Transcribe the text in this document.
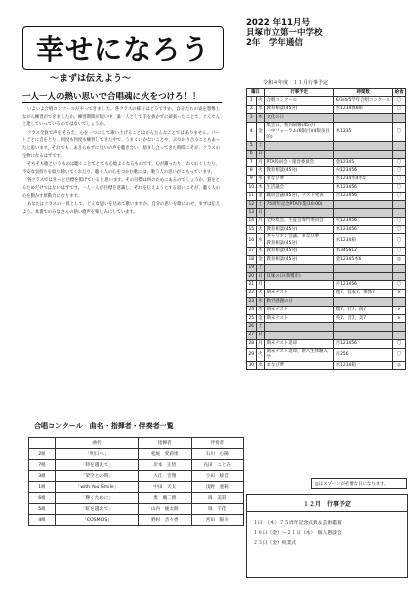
幸せになろう
〜まずは伝えよう〜
2022 年11月号
貝塚市立第一中学校
2年　学年通信
令和４年度　１１月行事予定
一人一人の熱い思いで合唱魂に火をつけろ！！

いよいよ合唱コンクールがやってきました。各クラスの様子はどうですか。自分たちの姿を想像しながら練習ができましたか。練習期間が短い中、誰一人として手を抜かずに頑張ったことで、ぐんぐん上達していっているのではないでしょうか。

クラス全員で声をそろえ、心を一つにして歌い上げることはかんたんなことではありません。パートごとに音をとり、何度も何度も練習してきた中で、うまくいかないことや、ぶつかり合うこともあったと思います。それでも、あきらめずに互いの声を聴き合い、励まし合ってきた時間こそが、クラスの宝物になるはずです。

そもそも歌というものは聴くことでとても心地よくなるものです。心が躍ったり、わくわくしたり、不安な気持ちを取り除いてくれたり。聴く人の心をつかむ歌には、歌う人の思いがこもっています。

各クラスではきっと目標を掲げていると思います。その目標は何のためにあるのでしょうか。賞をとるためだけではないはずです。一人一人が目標を意識し、それを伝えようとする思いこそが、聴く人の心を動かす原動力になります。

あなたはクラスの一員として、どんな思いを込めて歌いますか。自分の思いを歌にのせ、まずは伝えよう。本番でのみなさんの熱い歌声を楽しみにしています。

合唱コンクール　曲名・指揮者・伴奏者一覧
	曲名	指揮者	伴奏者
2組	「明日へ」	松尾　愛莉果	石川　心陽
7組	「時を越えて」	岸本　正悟	長田　ことみ
3組	「架空との時」	入江　音翔	小田　綾音
1組	「with You Smile」	中田　天太	浅野　亜莉
6組	「輝くために」	奥　颯二朗	岡　美彩
5組	「虹を越えて」	山内　慶太朗	岡　千佳
4組	「COSMOS」	野村　音々香	宮田　陽斗
曜日		行事予定	時間数	給食
1	火	合唱コンクール	6/3/4/5学年合唱コンクール	〇
2	水	教育相談(45分)	水1234体6組	〇
3	木	文化の日		
4	金	集会日、校内研修(45分)
一中フォーラム(6限目)(4限多目的)	木1235	〇
5	土			
6	日			
7	月	PTA役員会・運営委員会	金12345	〇
8	火	教育相談(45分)	火123456	〇
9	水	まなび夢	水1234水4水5	〇
10	木	生活議会	木123456	〇
11	金	職員会議(45分)、テスト発表	月123456	〇
12	土	75周年記念PTA作業(10:00)		
13	日			
14	月	全校集会、生徒会専門委員会	火123456	〇
15	火	教育相談(45分)	木123456	〇
16	水	キャリアン会議、まなび夢
教育相談(45分)	水1234箱	〇
17	木	教育相談(45分)	木345612	〇
18	金	教育相談(45分)	金12345木6	◎
19	土			
20	日	貝塚の日(我慢市)		
21	月		月123456	〇
22	火	期末テスト	理7、技家7、保体7	×
23	水	勤労感謝の日		
24	木	期末テスト	数7、社7、国7	×
25	金	期末テスト	英7、音7、美7	×
26	土			
27	日			
28	月	期末テスト返却	月123456	〇
29	火	期末テスト返却、新入生体験入学	月256	〇
30	水	まなび夢	水1234箱	◎
◎はスプーンが必要な日になります。
１２月　行事予定
１日　（木）７５周年記念式典＆芸術鑑賞
１６日（金）〜２１日（木）　個人懇談会
２３日（金）終業式
